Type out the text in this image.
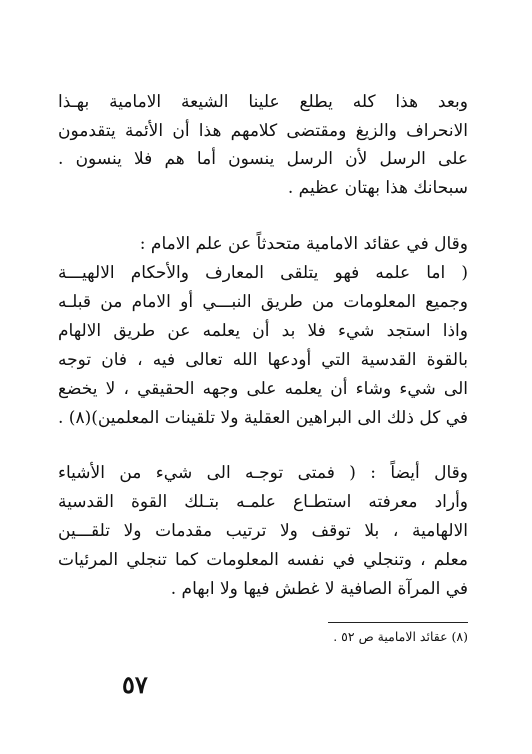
وبعد هذا كله يطلع علينا الشيعة الامامية بهـذا
الانحراف والزيغ ومقتضى كلامهم هذا أن الأئمة يتقدمون
على الرسل لأن الرسل ينسون أما هم فلا ينسون .
سبحانك هذا بهتان عظيم .
وقال في عقائد الامامية متحدثاً عن علم الامام :
( اما علمه فهو يتلقى المعارف والأحكام الالهيـــة
وجميع المعلومات من طريق النبـــي أو الامام من قبلـه
واذا استجد شيء فلا بد أن يعلمه عن طريق الالهام
بالقوة القدسية التي أودعها الله تعالى فيه ، فان توجه
الى شيء وشاء أن يعلمه على وجهه الحقيقي ، لا يخضع
في كل ذلك الى البراهين العقلية ولا تلقينات المعلمين)(٨) .
وقال أيضاً : ( فمتى توجـه الى شيء من الأشياء
وأراد معرفته استطـاع علمـه بتـلك القوة القدسية
الالهامية ، بلا توقف ولا ترتيب مقدمات ولا تلقـــين
معلم ، وتنجلي في نفسه المعلومات كما تنجلي المرئيات
في المرآة الصافية لا غطش فيها ولا ابهام .
(٨) عقائد الامامية ص ٥٢ .
٥٧
